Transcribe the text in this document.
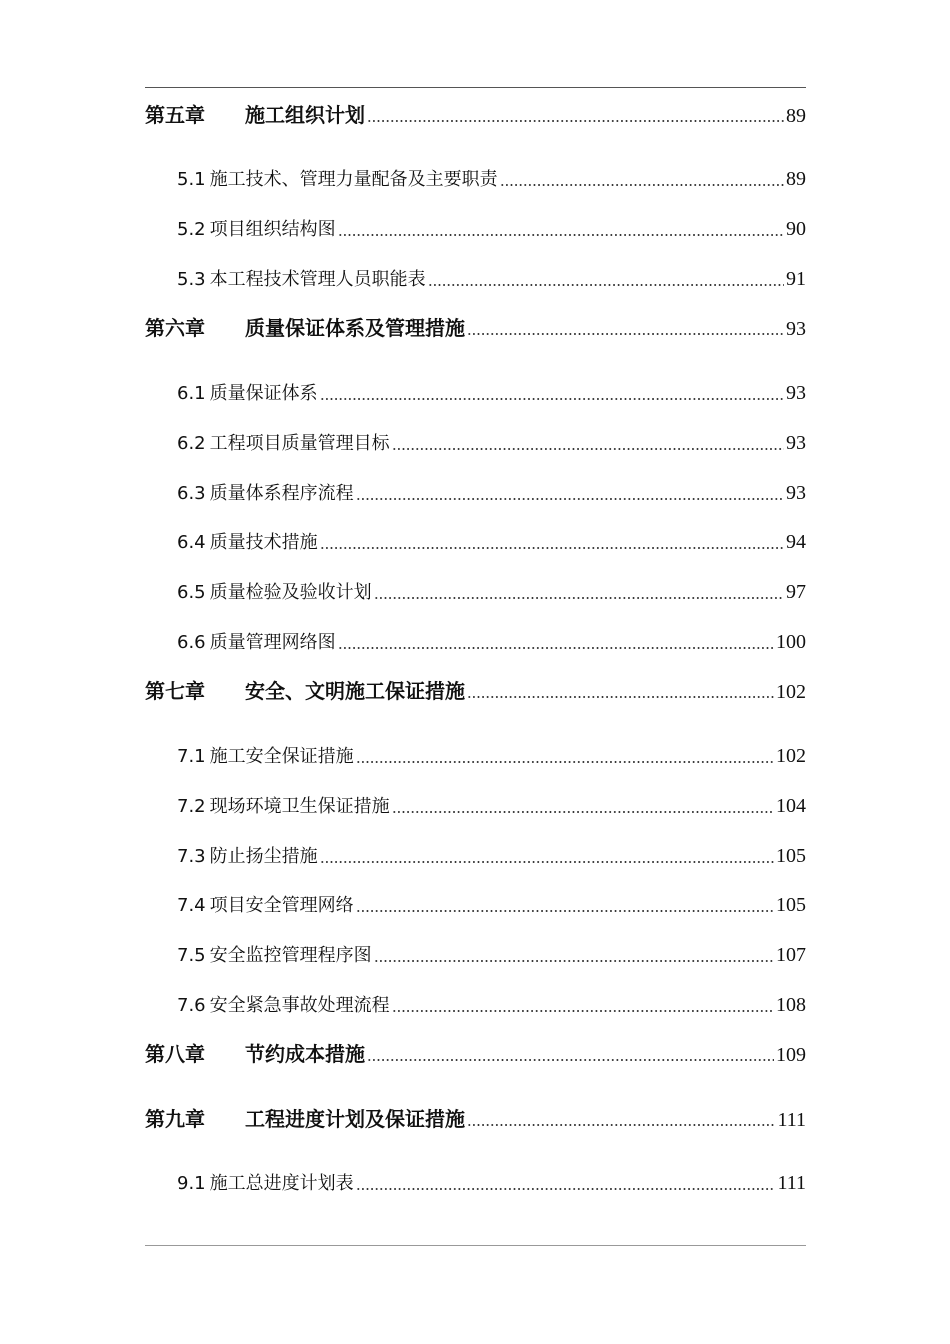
第五章	施工组织计划	89
5.1 施工技术、管理力量配备及主要职责	89
5.2 项目组织结构图	90
5.3 本工程技术管理人员职能表	91
第六章	质量保证体系及管理措施	93
6.1 质量保证体系	93
6.2 工程项目质量管理目标	93
6.3 质量体系程序流程	93
6.4 质量技术措施	94
6.5 质量检验及验收计划	97
6.6 质量管理网络图	100
第七章	安全、文明施工保证措施	102
7.1 施工安全保证措施	102
7.2 现场环境卫生保证措施	104
7.3 防止扬尘措施	105
7.4 项目安全管理网络	105
7.5 安全监控管理程序图	107
7.6 安全紧急事故处理流程	108
第八章	节约成本措施	109
第九章	工程进度计划及保证措施	111
9.1 施工总进度计划表	111
